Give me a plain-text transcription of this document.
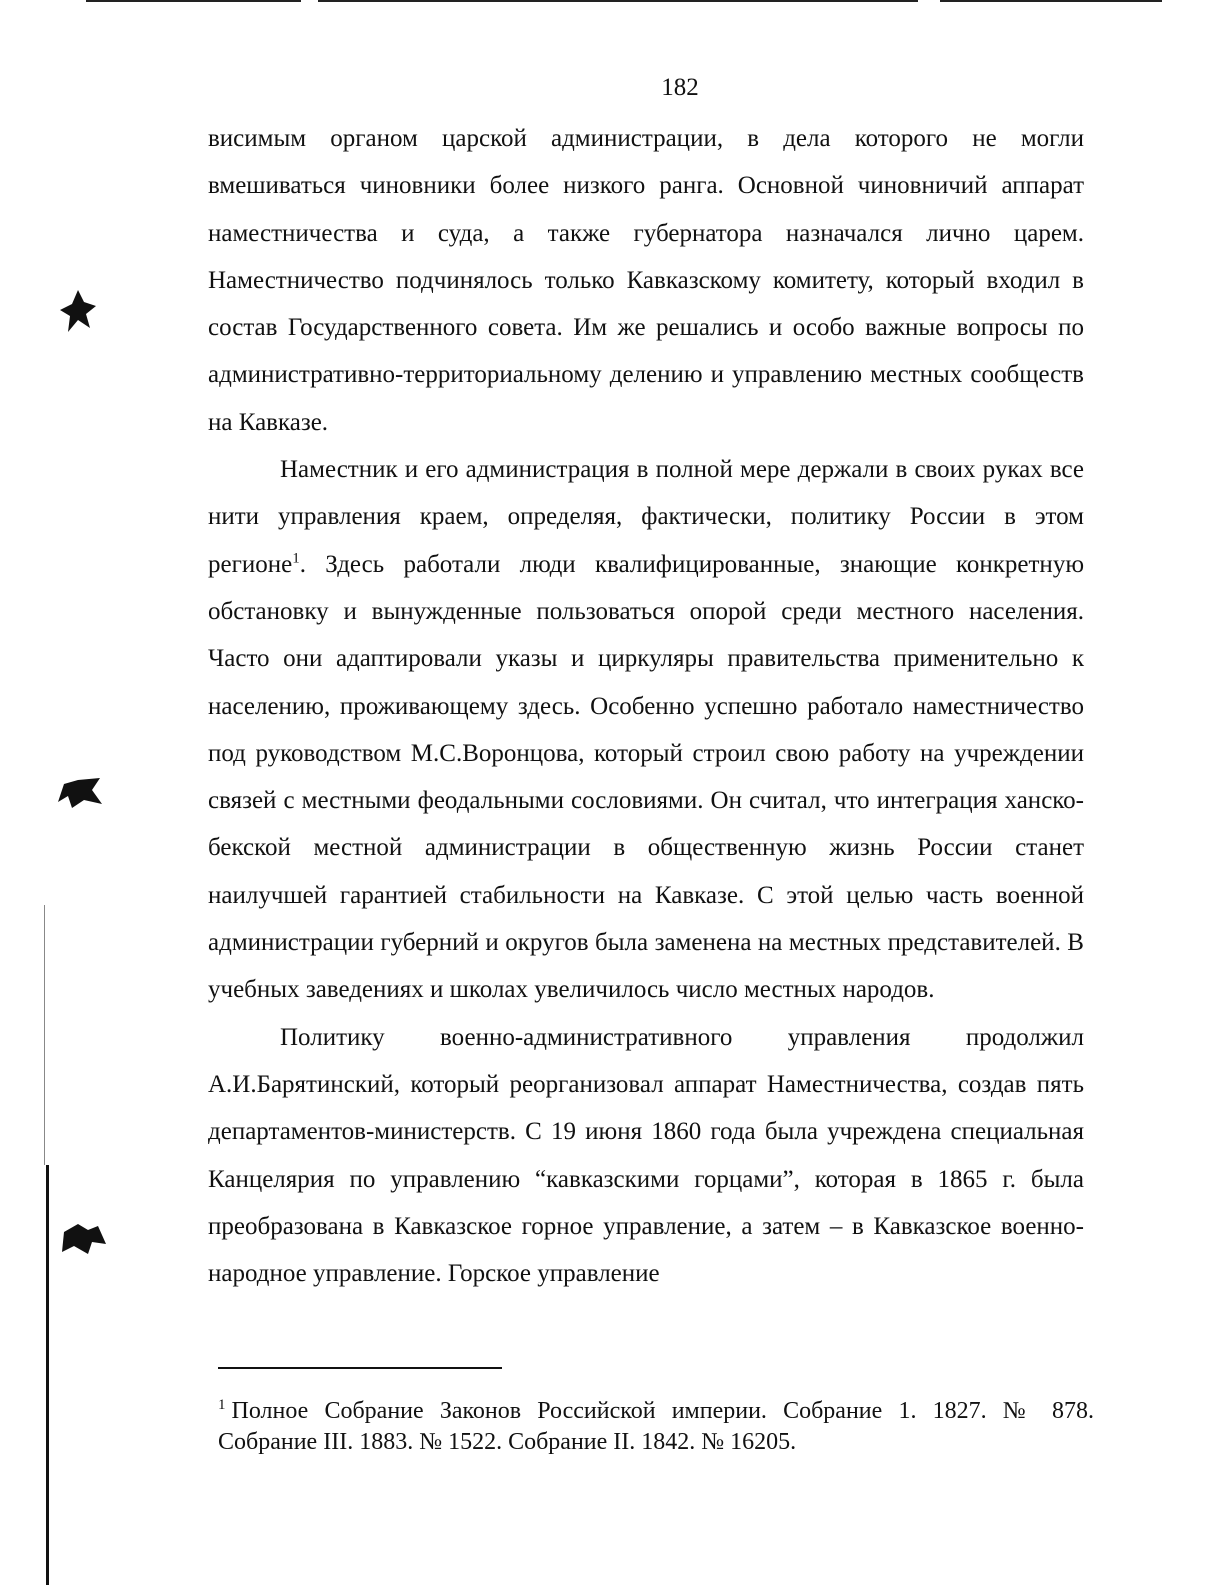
182

висимым органом царской администрации, в дела которого не могли вмешиваться чиновники более низкого ранга. Основной чиновничий аппарат наместничества и суда, а также губернатора назначался лично царем. Наместничество подчинялось только Кавказскому комитету, который входил в состав Государственного совета. Им же решались и особо важные вопросы по административно-территориальному делению и управлению местных сообществ на Кавказе.

Наместник и его администрация в полной мере держали в своих руках все нити управления краем, определяя, фактически, политику России в этом регионе$^1$. Здесь работали люди квалифицированные, знающие конкретную обстановку и вынужденные пользоваться опорой среди местного населения. Часто они адаптировали указы и циркуляры правительства применительно к населению, проживающему здесь. Особенно успешно работало наместничество под руководством М.С.Воронцова, который строил свою работу на учреждении связей с местными феодальными сословиями. Он считал, что интеграция ханско-бекской местной администрации в общественную жизнь России станет наилучшей гарантией стабильности на Кавказе. С этой целью часть военной администрации губерний и округов была заменена на местных представителей. В учебных заведениях и школах увеличилось число местных народов.

Политику военно-административного управления продолжил А.И.Барятинский, который реорганизовал аппарат Наместничества, создав пять департаментов-министерств. С 19 июня 1860 года была учреждена специальная Канцелярия по управлению “кавказскими горцами”, которая в 1865 г. была преобразована в Кавказское горное управление, а затем – в Кавказское военно-народное управление. Горское управление

$^1$ Полное Собрание Законов Российской империи. Собрание 1. 1827. № 878. Собрание III. 1883. № 1522. Собрание II. 1842. № 16205.
